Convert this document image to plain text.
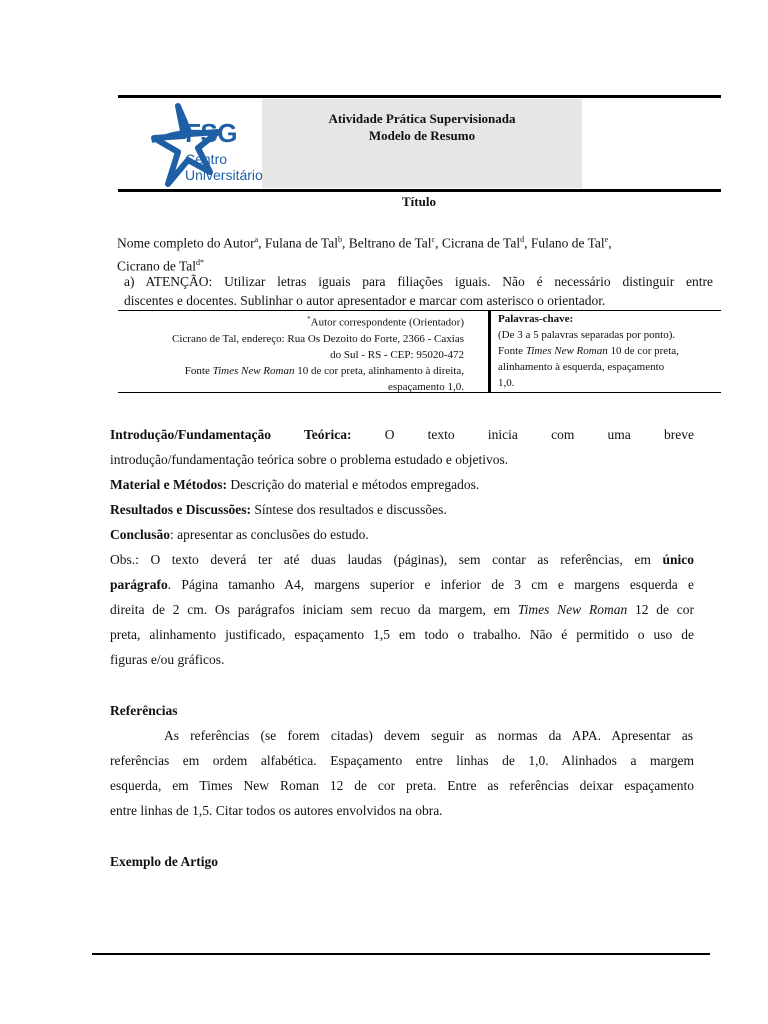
Atividade Prática Supervisionada
Modelo de Resumo
FSG
Centro
Universitário
Título
Nome completo do Autor$^a$, Fulana de Tal$^b$, Beltrano de Tal$^c$, Cicrana de Tal$^d$, Fulano de Tal$^e$,
Cicrano de Tal$^{d*}$
a) ATENÇÃO: Utilizar letras iguais para filiações iguais. Não é necessário distinguir entre
discentes e docentes. Sublinhar o autor apresentador e marcar com asterisco o orientador.
*Autor correspondente (Orientador)
Cicrano de Tal, endereço: Rua Os Dezoito do Forte, 2366 - Caxias
do Sul - RS - CEP: 95020-472
Fonte Times New Roman 10 de cor preta, alinhamento à direita,
espaçamento 1,0.
Palavras-chave:
(De 3 a 5 palavras separadas por ponto).
Fonte Times New Roman 10 de cor preta,
alinhamento à esquerda, espaçamento
1,0.
Introdução/Fundamentação Teórica: O texto inicia com uma breve
introdução/fundamentação teórica sobre o problema estudado e objetivos.
Material e Métodos: Descrição do material e métodos empregados.
Resultados e Discussões: Síntese dos resultados e discussões.
Conclusão: apresentar as conclusões do estudo.
Obs.: O texto deverá ter até duas laudas (páginas), sem contar as referências, em único
parágrafo. Página tamanho A4, margens superior e inferior de 3 cm e margens esquerda e
direita de 2 cm. Os parágrafos iniciam sem recuo da margem, em Times New Roman 12 de cor
preta, alinhamento justificado, espaçamento 1,5 em todo o trabalho. Não é permitido o uso de
figuras e/ou gráficos.
Referências
As referências (se forem citadas) devem seguir as normas da APA. Apresentar as
referências em ordem alfabética. Espaçamento entre linhas de 1,0. Alinhados a margem
esquerda, em Times New Roman 12 de cor preta. Entre as referências deixar espaçamento
entre linhas de 1,5. Citar todos os autores envolvidos na obra.
Exemplo de Artigo
